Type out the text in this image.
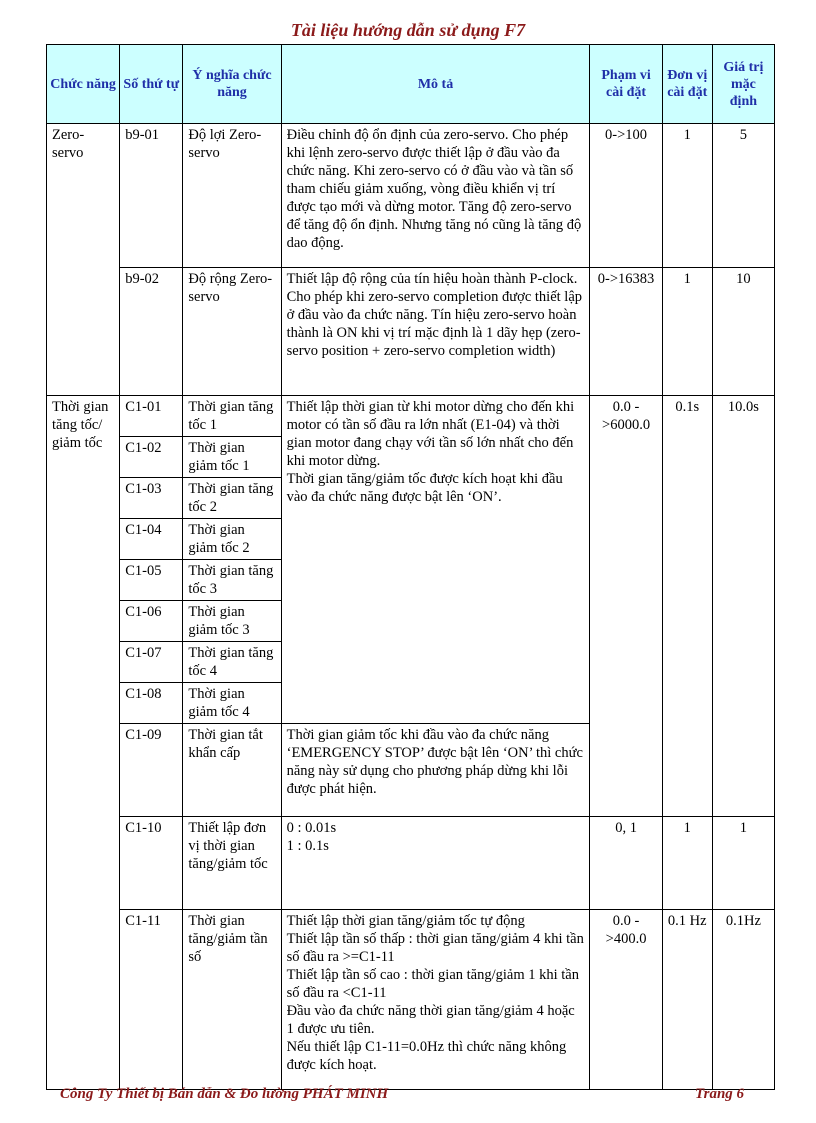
Tài liệu hướng dẫn sử dụng F7
Chức năng	Số thứ tự	Ý nghĩa chức năng	Mô tả	Phạm vi cài đặt	Đơn vị cài đặt	Giá trị mặc định
Zero-servo	b9-01	Độ lợi Zero-servo	Điều chỉnh độ ổn định của zero-servo. Cho phép khi lệnh zero-servo được thiết lập ở đầu vào đa chức năng. Khi zero-servo có ở đầu vào và tần số tham chiếu giảm xuống, vòng điều khiển vị trí được tạo mới và dừng motor. Tăng độ zero-servo để tăng độ ổn định. Nhưng tăng nó cũng là tăng độ dao động.	0->100	1	5
	b9-02	Độ rộng Zero-servo	Thiết lập độ rộng của tín hiệu hoàn thành P-clock. Cho phép khi zero-servo completion được thiết lập ở đầu vào đa chức năng. Tín hiệu zero-servo hoàn thành là ON khi vị trí mặc định là 1 dãy hẹp (zero-servo position + zero-servo completion width)	0->16383	1	10
Thời gian tăng tốc/ giảm tốc	C1-01	Thời gian tăng tốc 1	Thiết lập thời gian từ khi motor dừng cho đến khi motor có tần số đầu ra lớn nhất (E1-04) và thời gian motor đang chạy với tần số lớn nhất cho đến khi motor dừng.
Thời gian tăng/giảm tốc được kích hoạt khi đầu vào đa chức năng được bật lên ‘ON’.	0.0 - >6000.0	0.1s	10.0s
	C1-02	Thời gian giảm tốc 1				
	C1-03	Thời gian tăng tốc 2				
	C1-04	Thời gian giảm tốc 2				
	C1-05	Thời gian tăng tốc 3				
	C1-06	Thời gian giảm tốc 3				
	C1-07	Thời gian tăng tốc 4				
	C1-08	Thời gian giảm tốc 4				
	C1-09	Thời gian tắt khẩn cấp	Thời gian giảm tốc khi đầu vào đa chức năng ‘EMERGENCY STOP’ được bật lên ‘ON’ thì chức năng này sử dụng cho phương pháp dừng khi lỗi được phát hiện.			
	C1-10	Thiết lập đơn vị thời gian tăng/giảm tốc	0 : 0.01s
1 : 0.1s	0, 1	1	1
	C1-11	Thời gian tăng/giảm tần số	Thiết lập thời gian tăng/giảm tốc tự động
Thiết lập tần số thấp : thời gian tăng/giảm 4 khi tần số đầu ra >=C1-11
Thiết lập tần số cao : thời gian tăng/giảm 1 khi tần số đầu ra <C1-11
Đầu vào đa chức năng thời gian tăng/giảm 4 hoặc 1 được ưu tiên.
Nếu thiết lập C1-11=0.0Hz thì chức năng không được kích hoạt.	0.0 ->400.0	0.1 Hz	0.1Hz
Công Ty Thiết bị Bán dẫn & Đo lường PHÁT MINH	Trang 6
